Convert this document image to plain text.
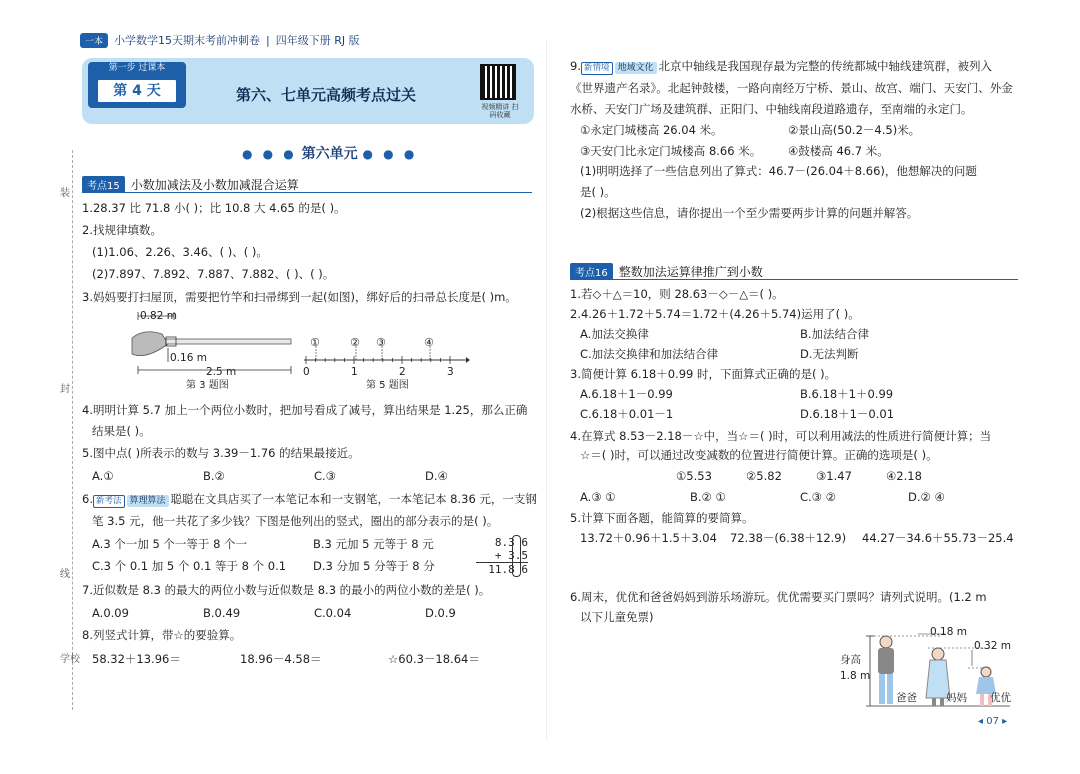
一本	小学数学15天期末考前冲刺卷 | 四年级下册 RJ 版
装
封
线
学校
第一步 过课本
第 4 天	第六、七单元高频考点过关
视频精讲 扫码收藏
● ● ● 第六单元 ● ● ●
考点15 小数加减法及小数加减混合运算
1.28.37 比 71.8 小( )；比 10.8 大 4.65 的是( )。
2.找规律填数。
(1)1.06、2.26、3.46、( )、( )。
(2)7.897、7.892、7.887、7.882、( )、( )。
3.妈妈要打扫屋顶，需要把竹竿和扫帚绑到一起(如图)，绑好后的扫帚总长度是( )m。
0.82 m
0.16 m
2.5 m
第 3 题图
①	② ③	④
0	1	2	3
第 5 题图
4.明明计算 5.7 加上一个两位小数时，把加号看成了减号，算出结果是 1.25，那么正确
结果是( )。
5.图中点( )所表示的数与 3.39－1.76 的结果最接近。
A.①	B.②	C.③	D.④
6. 新考法 算理算法 聪聪在文具店买了一本笔记本和一支钢笔，一本笔记本 8.36 元，一支钢
笔 3.5 元，他一共花了多少钱？下图是他列出的竖式，圈出的部分表示的是( )。
A.3 个一加 5 个一等于 8 个一	B.3 元加 5 元等于 8 元
C.3 个 0.1 加 5 个 0.1 等于 8 个 0.1 D.3 分加 5 分等于 8 分
8.3 6
+ 3.5
11.8 6
7.近似数是 8.3 的最大的两位小数与近似数是 8.3 的最小的两位小数的差是( )。
A.0.09	B.0.49	C.0.04	D.0.9
8.列竖式计算，带☆的要验算。
58.32＋13.96＝	18.96－4.58＝	☆60.3－18.64＝
9. 新情境 地域文化 北京中轴线是我国现存最为完整的传统都城中轴线建筑群，被列入
《世界遗产名录》。北起钟鼓楼，一路向南经万宁桥、景山、故宫、端门、天安门、外金
水桥、天安门广场及建筑群、正阳门、中轴线南段道路遗存，至南端的永定门。
①永定门城楼高 26.04 米。	②景山高(50.2－4.5)米。
③天安门比永定门城楼高 8.66 米。 ④鼓楼高 46.7 米。
(1)明明选择了一些信息列出了算式：46.7－(26.04＋8.66)，他想解决的问题
是( )。
(2)根据这些信息，请你提出一个至少需要两步计算的问题并解答。
考点16 整数加法运算律推广到小数
1.若◇＋△＝10，则 28.63－◇－△＝( )。
2.4.26＋1.72＋5.74＝1.72＋(4.26＋5.74)运用了( )。
A.加法交换律	B.加法结合律
C.加法交换律和加法结合律	D.无法判断
3.简便计算 6.18＋0.99 时，下面算式正确的是( )。
A.6.18＋1－0.99	B.6.18＋1＋0.99
C.6.18＋0.01－1	D.6.18＋1－0.01
4.在算式 8.53－2.18－☆中，当☆＝( )时，可以利用减法的性质进行简便计算；当
☆＝( )时，可以通过改变减数的位置进行简便计算。正确的选项是( )。
①5.53	②5.82	③1.47	④2.18
A.③ ①	B.② ①	C.③ ②	D.② ④
5.计算下面各题，能简算的要简算。
13.72＋0.96＋1.5＋3.04 72.38－(6.38＋12.9) 44.27－34.6＋55.73－25.4
6.周末，优优和爸爸妈妈到游乐场游玩。优优需要买门票吗？请列式说明。(1.2 m
以下儿童免票)
身高
1.8 m
0.18 m
0.32 m
爸爸	妈妈 优优
◂ 07 ▸
